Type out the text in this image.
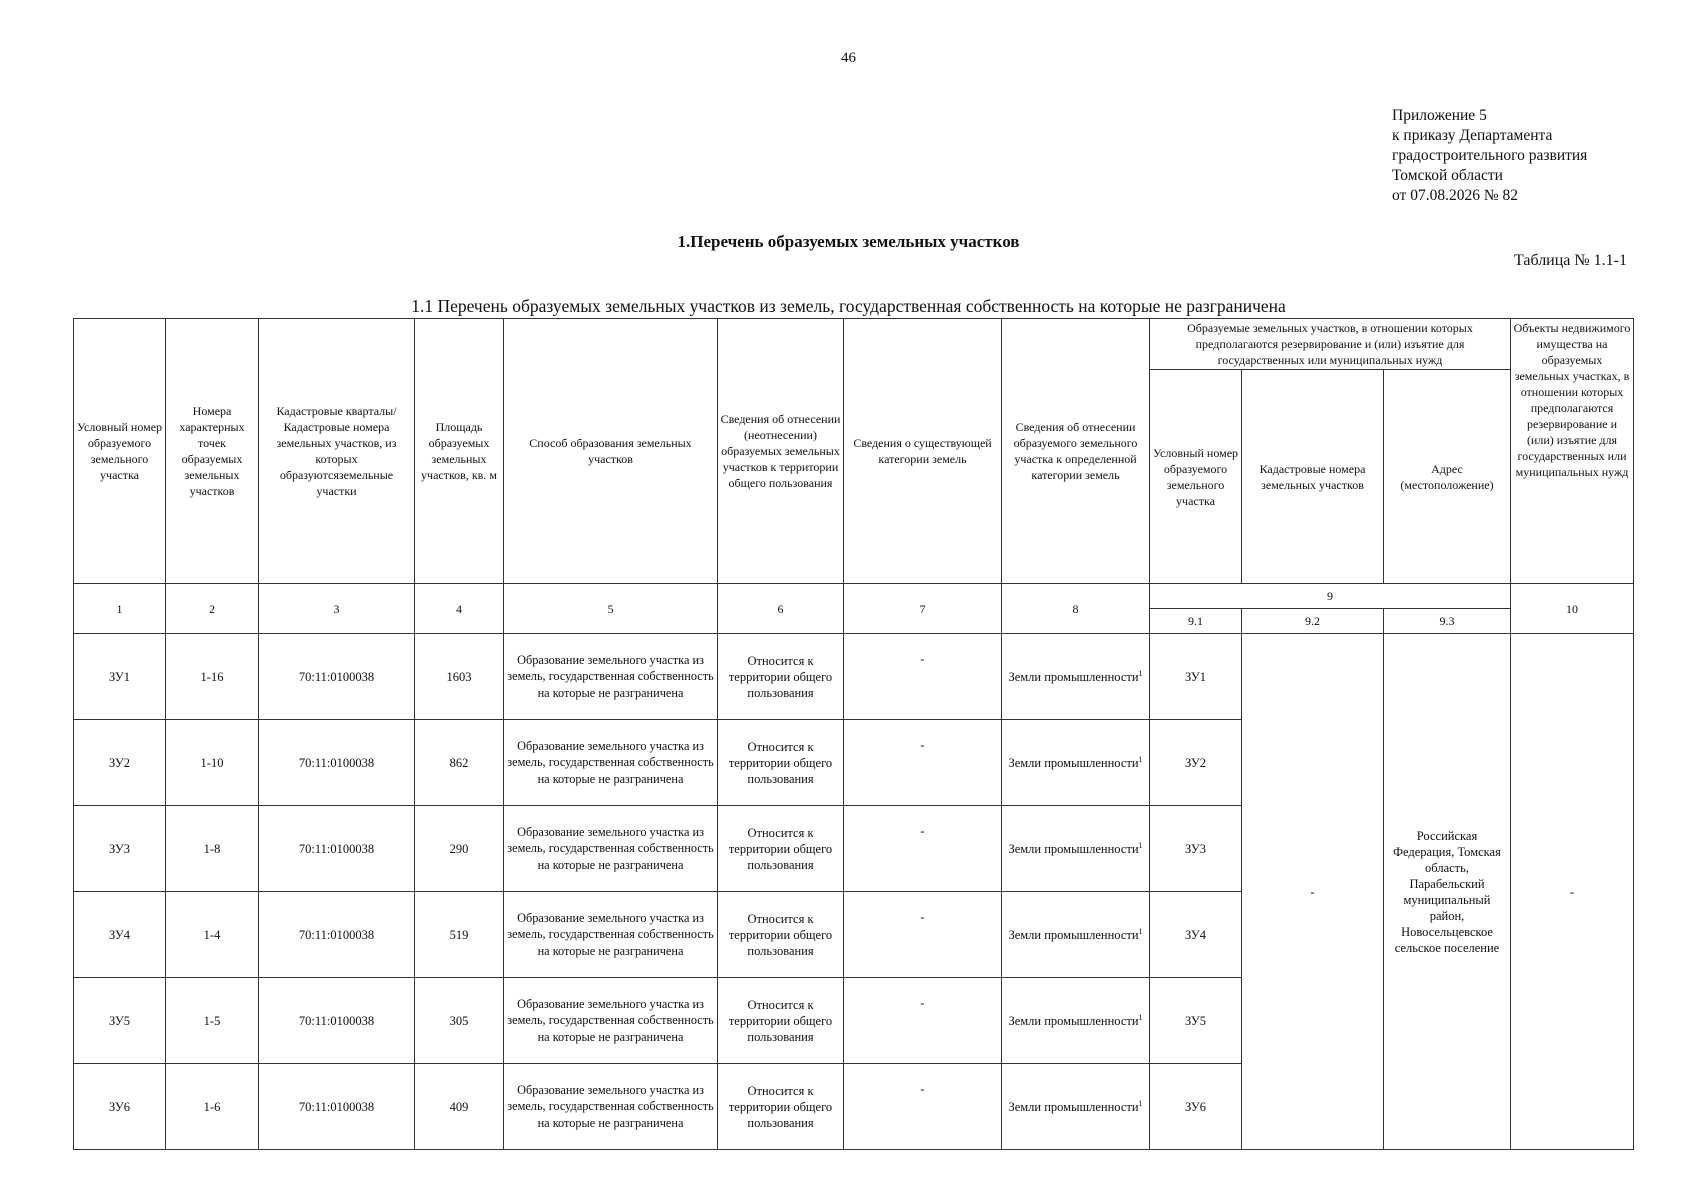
46
Приложение 5
к приказу Департамента
градостроительного развития
Томской области
от 07.08.2026 № 82
1.Перечень образуемых земельных участков
Таблица № 1.1-1
1.1 Перечень образуемых земельных участков из земель, государственная собственность на которые не разграничена
Условный номер образуемого земельного участка	Номера характерных точек образуемых земельных участков	Кадастровые кварталы/Кадастровые номера земельных участков, из которых образуютсяземельные участки	Площадь образуемых земельных участков, кв. м	Способ образования земельных участков	Сведения об отнесении (неотнесении) образуемых земельных участков к территории общего пользования	Сведения о существующей категории земель	Сведения об отнесении образуемого земельного участка к определенной категории земель	Образуемые земельных участков, в отношении которых предполагаются резервирование и (или) изъятие для государственных или муниципальных нужд			Объекты недвижимого имущества на образуемых земельных участках, в отношении которых предполагаются резервирование и (или) изъятие для государственных или муниципальных нужд
								Условный номер образуемого земельного участка	Кадастровые номера земельных участков	Адрес (местоположение)	
1	2	3	4	5	6	7	8	9			10
								9.1	9.2	9.3	
ЗУ1	1-16	70:11:0100038	1603	Образование земельного участка из земель, государственная собственность на которые не разграничена	Относится к территории общего пользования	-	Земли промышленности$^1$	ЗУ1	-	Российская Федерация, Томская область, Парабельский муниципальный район, Новосельцевское сельское поселение	-
ЗУ2	1-10	70:11:0100038	862	Образование земельного участка из земель, государственная собственность на которые не разграничена	Относится к территории общего пользования	-	Земли промышленности$^1$	ЗУ2			
ЗУ3	1-8	70:11:0100038	290	Образование земельного участка из земель, государственная собственность на которые не разграничена	Относится к территории общего пользования	-	Земли промышленности$^1$	ЗУ3			
ЗУ4	1-4	70:11:0100038	519	Образование земельного участка из земель, государственная собственность на которые не разграничена	Относится к территории общего пользования	-	Земли промышленности$^1$	ЗУ4			
ЗУ5	1-5	70:11:0100038	305	Образование земельного участка из земель, государственная собственность на которые не разграничена	Относится к территории общего пользования	-	Земли промышленности$^1$	ЗУ5			
ЗУ6	1-6	70:11:0100038	409	Образование земельного участка из земель, государственная собственность на которые не разграничена	Относится к территории общего пользования	-	Земли промышленности$^1$	ЗУ6			
